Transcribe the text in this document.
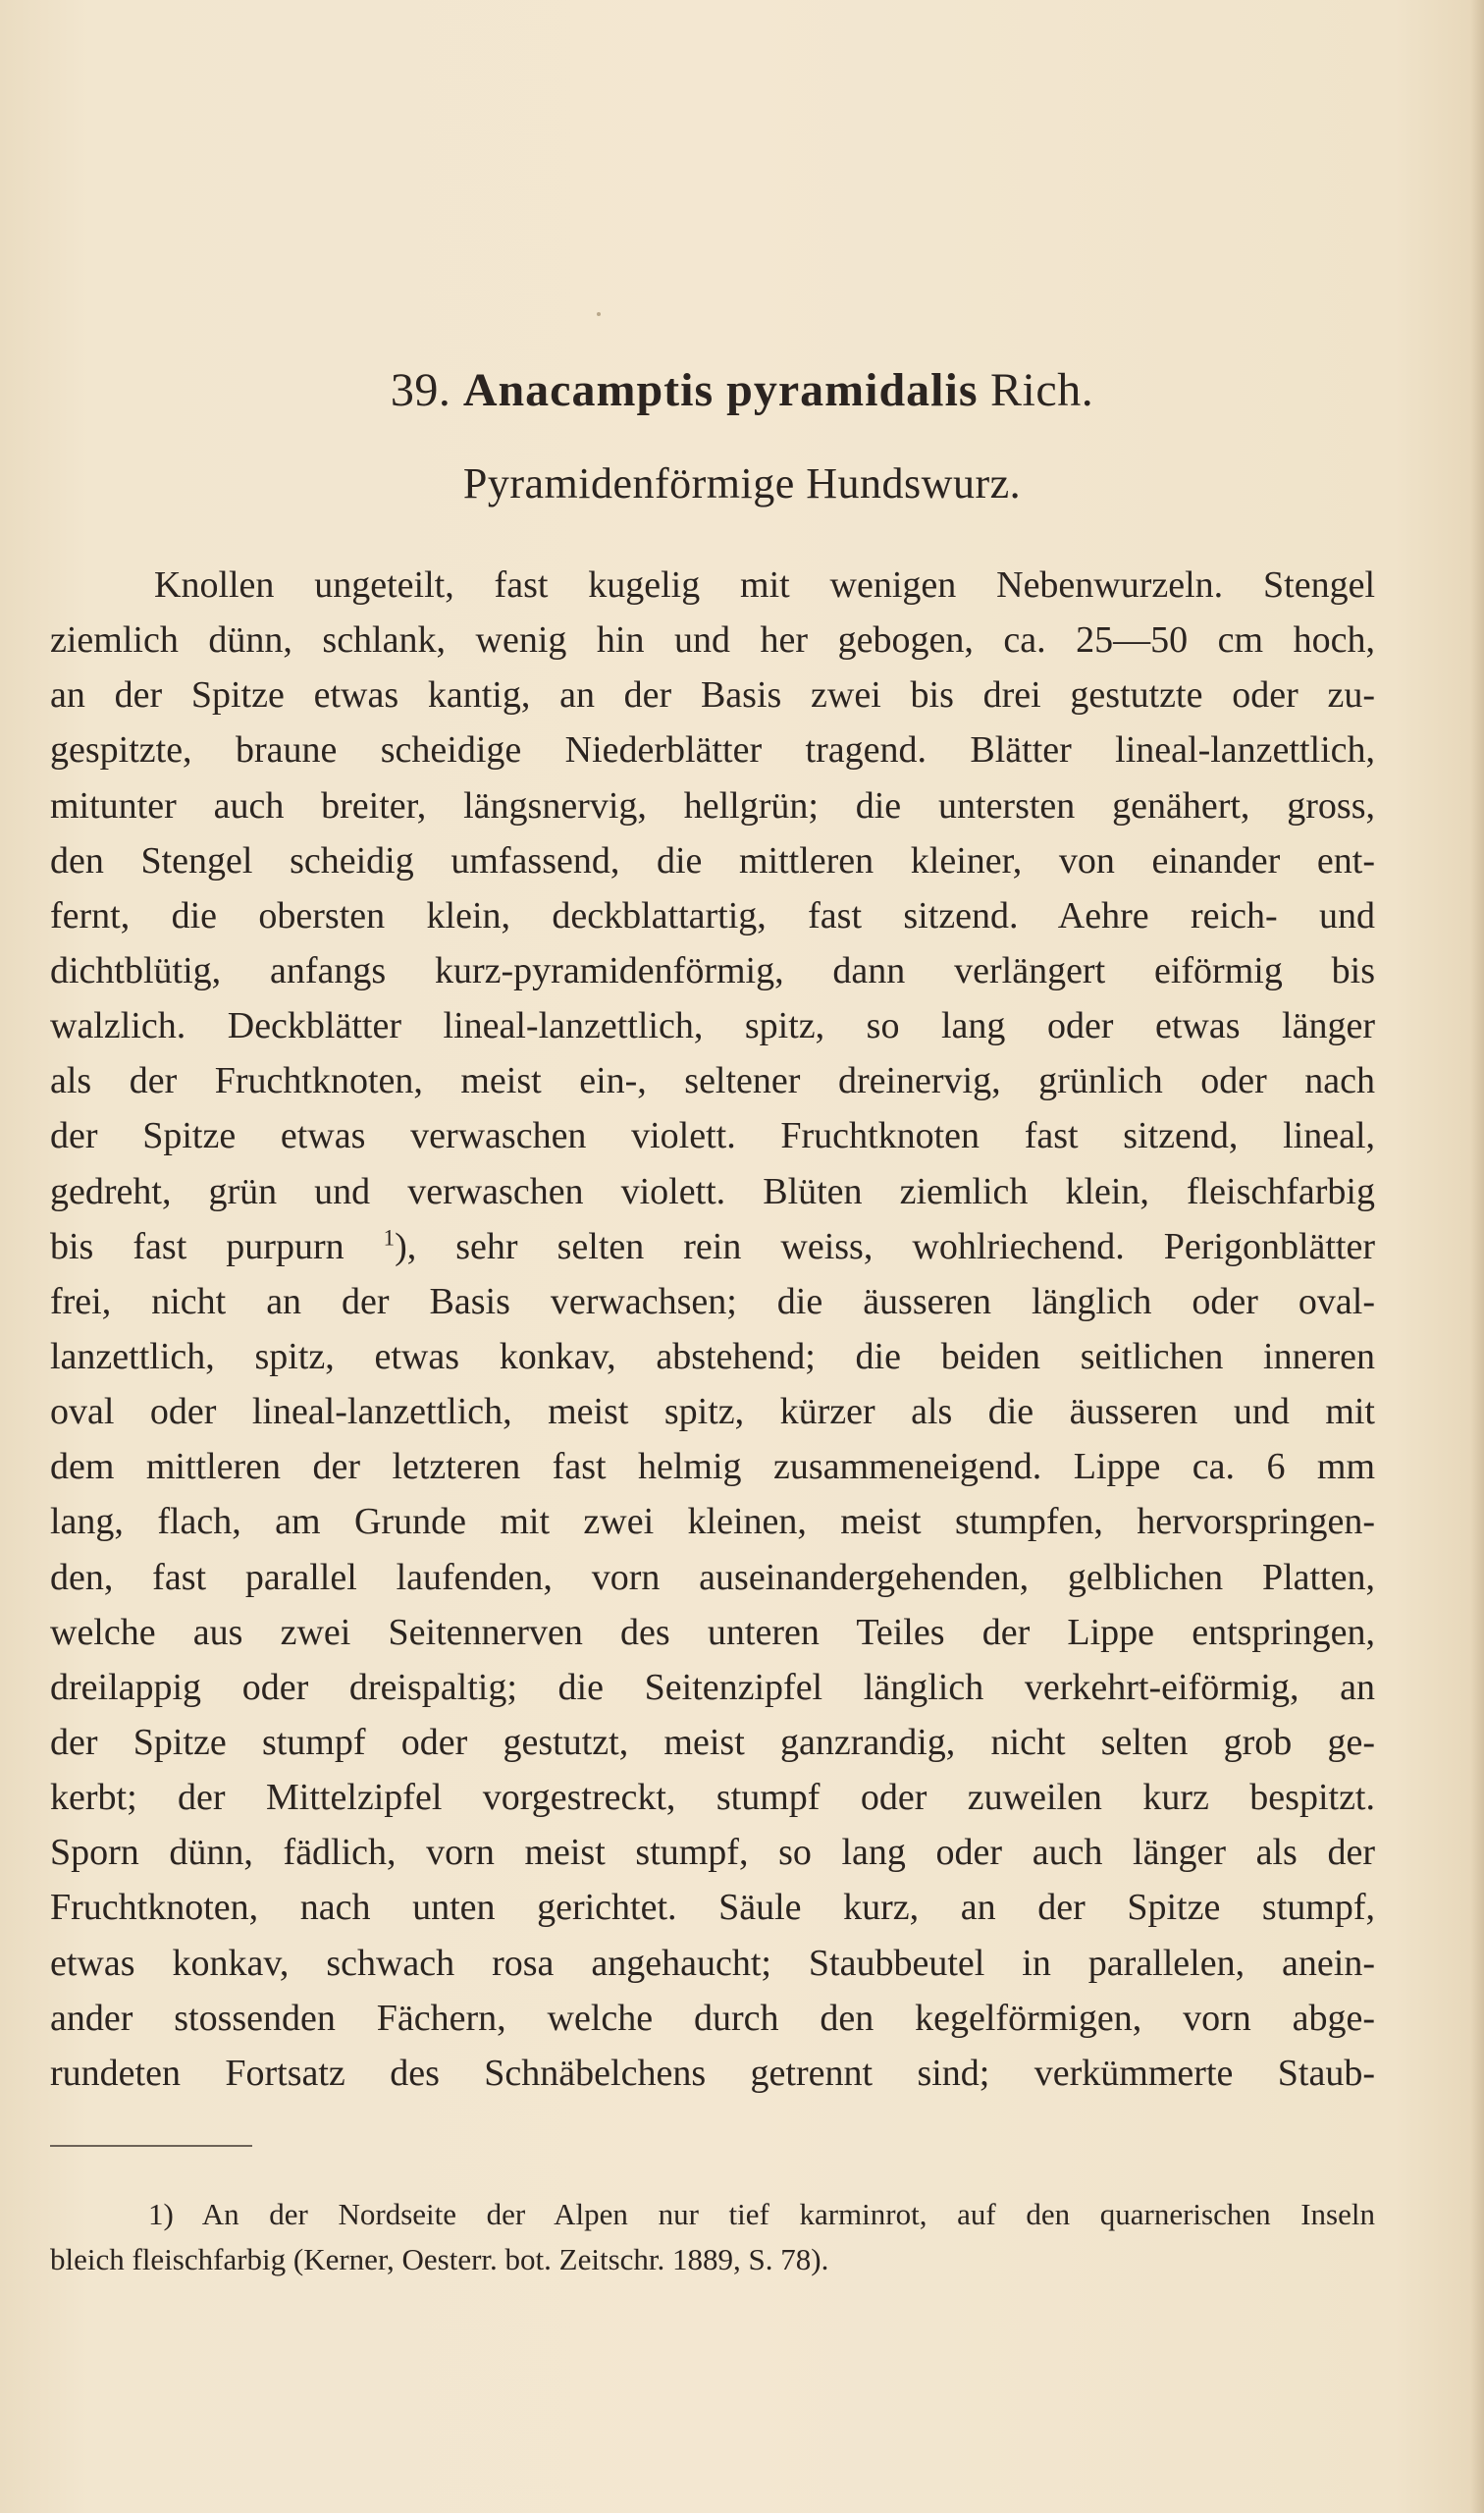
39. Anacamptis pyramidalis Rich.
Pyramidenförmige Hundswurz.
Knollen ungeteilt, fast kugelig mit wenigen Nebenwurzeln. Stengel
ziemlich dünn, schlank, wenig hin und her gebogen, ca. 25—50 cm hoch,
an der Spitze etwas kantig, an der Basis zwei bis drei gestutzte oder zu-
gespitzte, braune scheidige Niederblätter tragend. Blätter lineal-lanzettlich,
mitunter auch breiter, längsnervig, hellgrün; die untersten genähert, gross,
den Stengel scheidig umfassend, die mittleren kleiner, von einander ent-
fernt, die obersten klein, deckblattartig, fast sitzend. Aehre reich- und
dichtblütig, anfangs kurz-pyramidenförmig, dann verlängert eiförmig bis
walzlich. Deckblätter lineal-lanzettlich, spitz, so lang oder etwas länger
als der Fruchtknoten, meist ein-, seltener dreinervig, grünlich oder nach
der Spitze etwas verwaschen violett. Fruchtknoten fast sitzend, lineal,
gedreht, grün und verwaschen violett. Blüten ziemlich klein, fleischfarbig
bis fast purpurn $^1$), sehr selten rein weiss, wohlriechend. Perigonblätter
frei, nicht an der Basis verwachsen; die äusseren länglich oder oval-
lanzettlich, spitz, etwas konkav, abstehend; die beiden seitlichen inneren
oval oder lineal-lanzettlich, meist spitz, kürzer als die äusseren und mit
dem mittleren der letzteren fast helmig zusammeneigend. Lippe ca. 6 mm
lang, flach, am Grunde mit zwei kleinen, meist stumpfen, hervorspringen-
den, fast parallel laufenden, vorn auseinandergehenden, gelblichen Platten,
welche aus zwei Seitennerven des unteren Teiles der Lippe entspringen,
dreilappig oder dreispaltig; die Seitenzipfel länglich verkehrt-eiförmig, an
der Spitze stumpf oder gestutzt, meist ganzrandig, nicht selten grob ge-
kerbt; der Mittelzipfel vorgestreckt, stumpf oder zuweilen kurz bespitzt.
Sporn dünn, fädlich, vorn meist stumpf, so lang oder auch länger als der
Fruchtknoten, nach unten gerichtet. Säule kurz, an der Spitze stumpf,
etwas konkav, schwach rosa angehaucht; Staubbeutel in parallelen, anein-
ander stossenden Fächern, welche durch den kegelförmigen, vorn abge-
rundeten Fortsatz des Schnäbelchens getrennt sind; verkümmerte Staub-
1) An der Nordseite der Alpen nur tief karminrot, auf den quarnerischen Inseln
bleich fleischfarbig (Kerner, Oesterr. bot. Zeitschr. 1889, S. 78).
